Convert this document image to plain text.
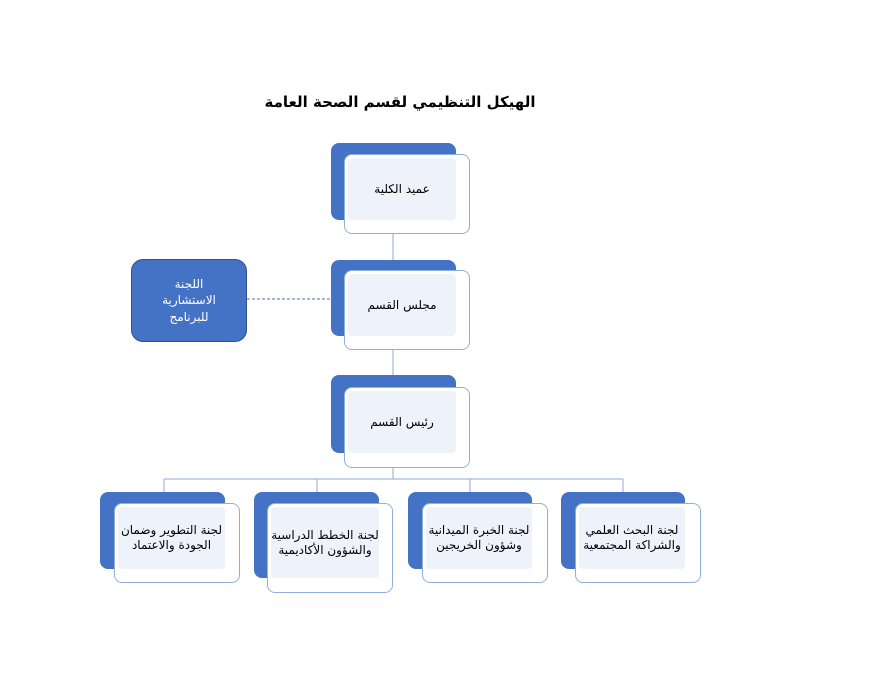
الهيكل التنظيمي لقسم الصحة العامة
اللجنة الاستشارية للبرنامج
عميد الكلية
مجلس القسم
رئيس القسم
لجنة البحث العلمي والشراكة المجتمعية
لجنة الخبرة الميدانية وشؤون الخريجين
لجنة الخطط الدراسية والشؤون الأكاديمية
لجنة التطوير وضمان الجودة والاعتماد
